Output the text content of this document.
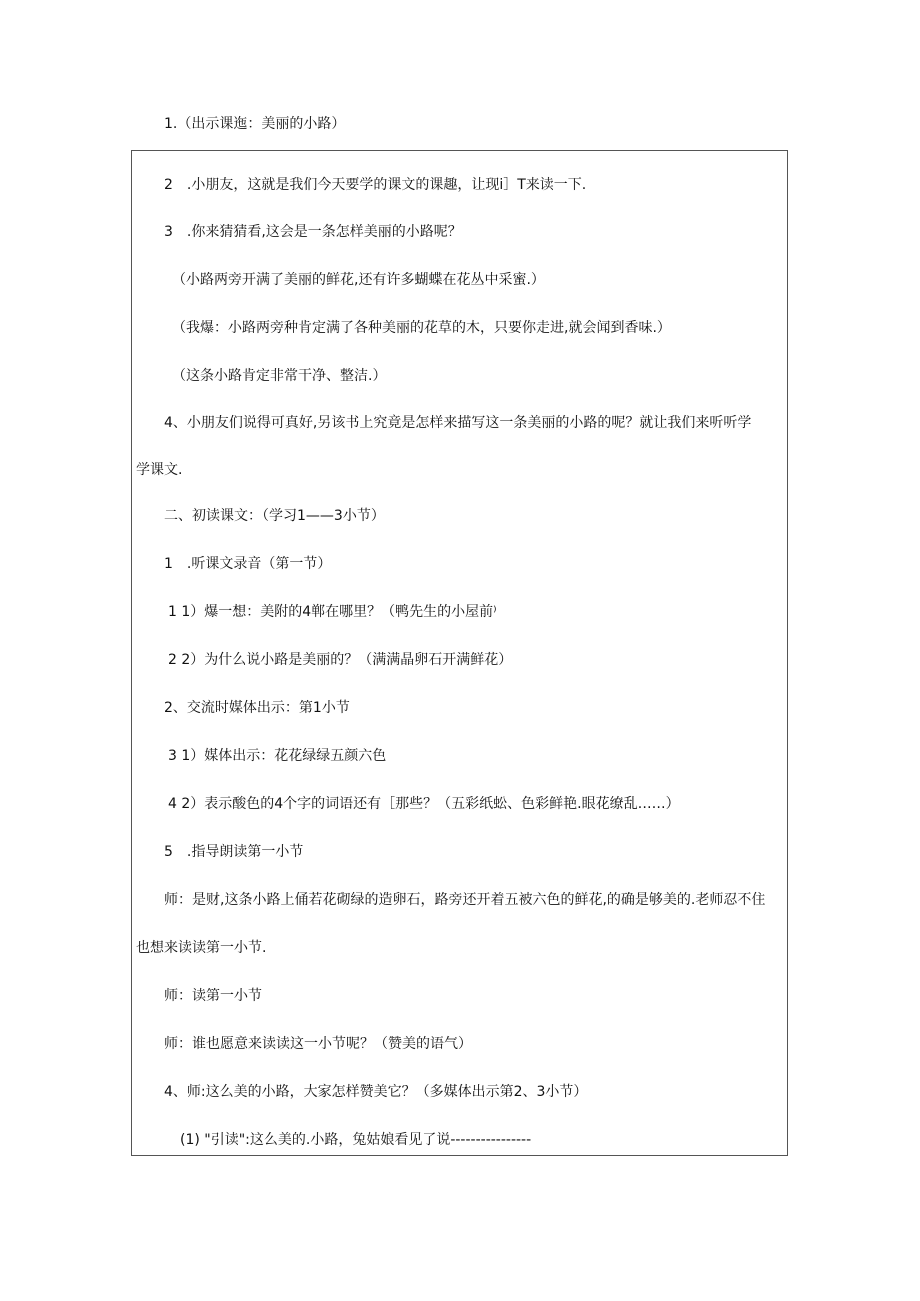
1.（出示课迤：美丽的小路）
2　.小朋友，这就是我们今天要学的课文的课趣，让现i］T来读一下.
3　.你来猜猜看,这会是一条怎样美丽的小路呢？
（小路两旁开满了美丽的鲜花,还有许多蝴蝶在花丛中采蜜.）
（我爆：小路两旁种肯定满了各种美丽的花草的木，只要你走进,就会闻到香味.）
（这条小路肯定非常干净、整洁.）
4、小朋友们说得可真好,另该书上究竟是怎样来描写这一条美丽的小路的呢？就让我们来听听学
学课文.
二、初读课文：（学习1——3小节）
1　.听课文录音（第一节）
1 1）爆一想：美附的4郸在哪里？（鸭先生的小屋前⁾
2 2）为什么说小路是美丽的？（满满晶卵石开满鲜花）
2、交流时媒体出示：第1小节
3 1）媒体出示：花花绿绿五颜六色
4 2）表示酸色的4个字的词语还有［那些？（五彩纸蚣、色彩鲜艳.眼花缭乱……）
5　.指导朗读第一小节
师：是财,这条小路上俑若花砌绿的造卵石，路旁还开着五被六色的鲜花,的确是够美的.老师忍不住
也想来读读第一小节.
师：读第一小节
师：谁也愿意来读读这一小节呢？（赞美的语气）
4、师:这么美的小路，大家怎样赞美它？（多媒体出示第2、3小节）
(1) "引读":这么美的.小路，兔姑娘看见了说----------------
